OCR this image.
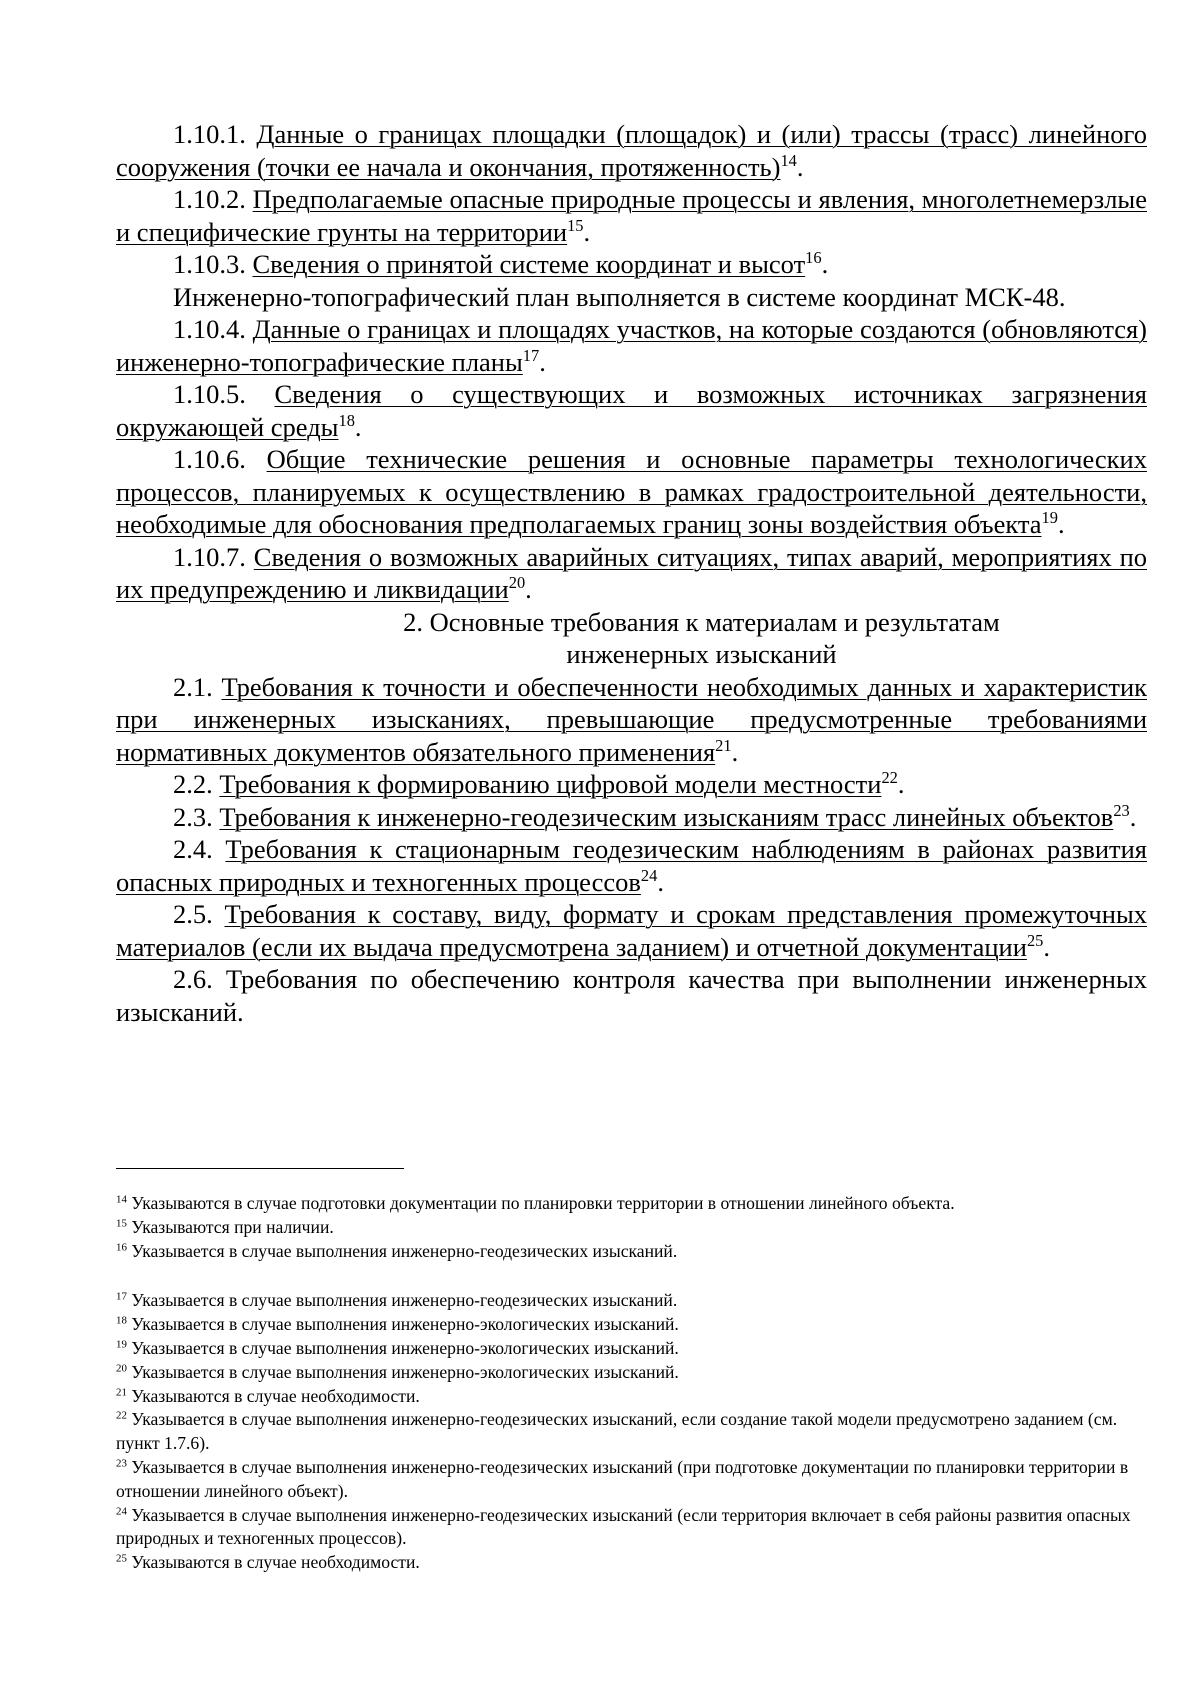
1.10.1. Данные о границах площадки (площадок) и (или) трассы (трасс) линейного сооружения (точки ее начала и окончания, протяженность)$^{14}$.

1.10.2. Предполагаемые опасные природные процессы и явления, многолетнемерзлые и специфические грунты на территории$^{15}$.

1.10.3. Сведения о принятой системе координат и высот$^{16}$.

Инженерно-топографический план выполняется в системе координат МСК-48.

1.10.4. Данные о границах и площадях участков, на которые создаются (обновляются) инженерно-топографические планы$^{17}$.

1.10.5. Сведения о существующих и возможных источниках загрязнения окружающей среды$^{18}$.

1.10.6. Общие технические решения и основные параметры технологических процессов, планируемых к осуществлению в рамках градостроительной деятельности, необходимые для обоснования предполагаемых границ зоны воздействия объекта$^{19}$.

1.10.7. Сведения о возможных аварийных ситуациях, типах аварий, мероприятиях по их предупреждению и ликвидации$^{20}$.

2. Основные требования к материалам и результатам
инженерных изысканий

2.1. Требования к точности и обеспеченности необходимых данных и характеристик при инженерных изысканиях, превышающие предусмотренные требованиями нормативных документов обязательного применения$^{21}$.

2.2. Требования к формированию цифровой модели местности$^{22}$.

2.3. Требования к инженерно-геодезическим изысканиям трасс линейных объектов$^{23}$.

2.4. Требования к стационарным геодезическим наблюдениям в районах развития опасных природных и техногенных процессов$^{24}$.

2.5. Требования к составу, виду, формату и срокам представления промежуточных материалов (если их выдача предусмотрена заданием) и отчетной документации$^{25}$.

2.6. Требования по обеспечению контроля качества при выполнении инженерных изысканий.

$^{14}$ Указываются в случае подготовки документации по планировки территории в отношении линейного объекта.

$^{15}$ Указываются при наличии.

$^{16}$ Указывается в случае выполнения инженерно-геодезических изысканий.

$^{17}$ Указывается в случае выполнения инженерно-геодезических изысканий.

$^{18}$ Указывается в случае выполнения инженерно-экологических изысканий.

$^{19}$ Указывается в случае выполнения инженерно-экологических изысканий.

$^{20}$ Указывается в случае выполнения инженерно-экологических изысканий.

$^{21}$ Указываются в случае необходимости.

$^{22}$ Указывается в случае выполнения инженерно-геодезических изысканий, если создание такой модели предусмотрено заданием (см. пункт 1.7.6).

$^{23}$ Указывается в случае выполнения инженерно-геодезических изысканий (при подготовке документации по планировки территории в отношении линейного объект).

$^{24}$ Указывается в случае выполнения инженерно-геодезических изысканий (если территория включает в себя районы развития опасных природных и техногенных процессов).

$^{25}$ Указываются в случае необходимости.
